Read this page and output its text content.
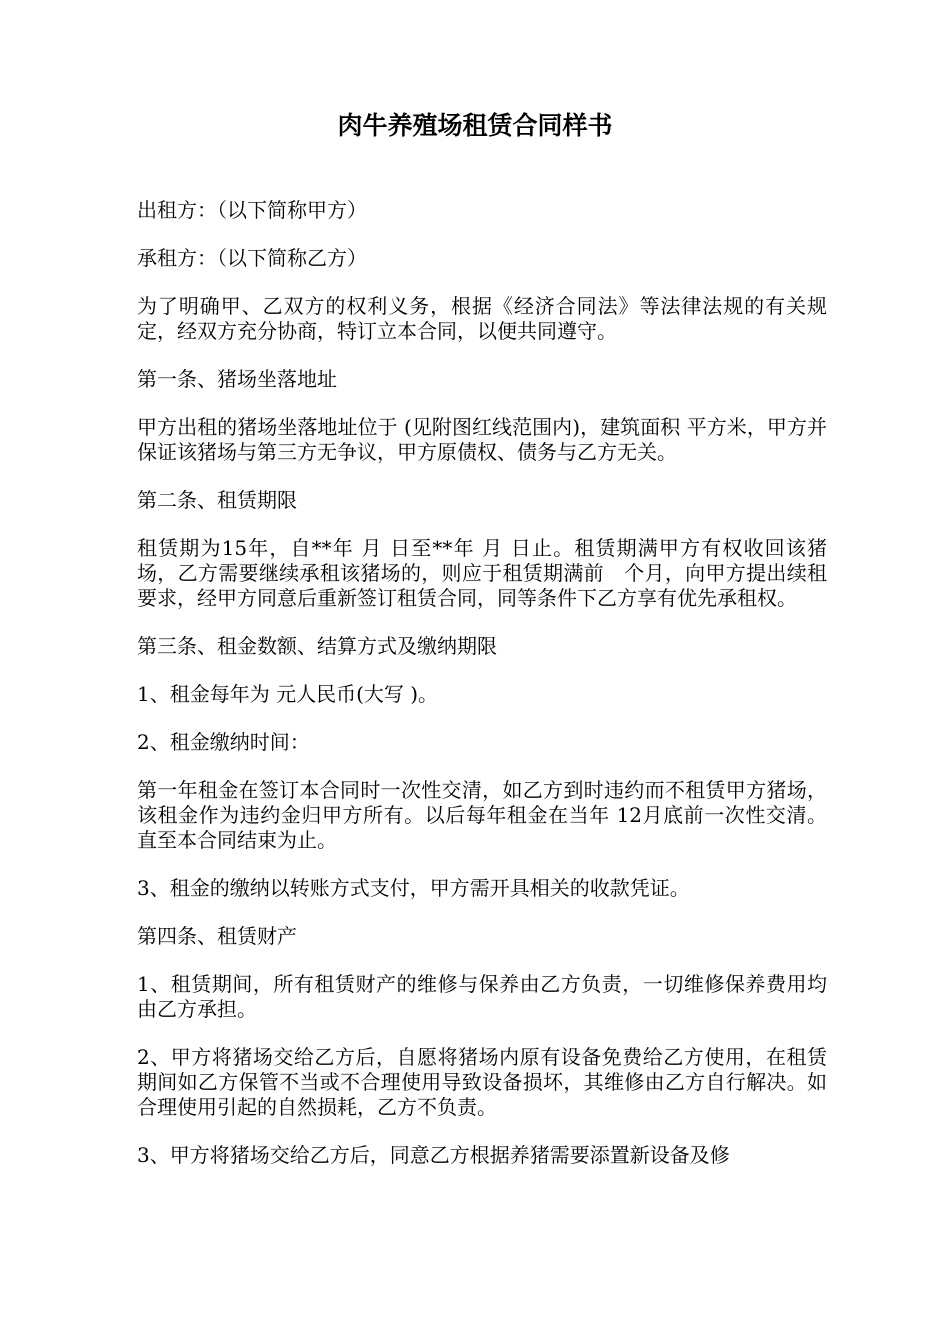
肉牛养殖场租赁合同样书

出租方：（以下简称甲方）

承租方：（以下简称乙方）

为了明确甲、乙双方的权利义务，根据《经济合同法》等法律法规的有关规定，经双方充分协商，特订立本合同，以便共同遵守。

第一条、猪场坐落地址

甲方出租的猪场坐落地址位于 (见附图红线范围内)，建筑面积 平方米，甲方并保证该猪场与第三方无争议，甲方原债权、债务与乙方无关。

第二条、租赁期限

租赁期为15年，自**年 月 日至**年 月 日止。租赁期满甲方有权收回该猪场，乙方需要继续承租该猪场的，则应于租赁期满前　个月，向甲方提出续租要求，经甲方同意后重新签订租赁合同，同等条件下乙方享有优先承租权。

第三条、租金数额、结算方式及缴纳期限

1、租金每年为 元人民币(大写 )。

2、租金缴纳时间：

第一年租金在签订本合同时一次性交清，如乙方到时违约而不租赁甲方猪场，该租金作为违约金归甲方所有。以后每年租金在当年 12月底前一次性交清。直至本合同结束为止。

3、租金的缴纳以转账方式支付，甲方需开具相关的收款凭证。

第四条、租赁财产

1、租赁期间，所有租赁财产的维修与保养由乙方负责，一切维修保养费用均由乙方承担。

2、甲方将猪场交给乙方后，自愿将猪场内原有设备免费给乙方使用，在租赁期间如乙方保管不当或不合理使用导致设备损坏，其维修由乙方自行解决。如合理使用引起的自然损耗，乙方不负责。

3、甲方将猪场交给乙方后，同意乙方根据养猪需要添置新设备及修
